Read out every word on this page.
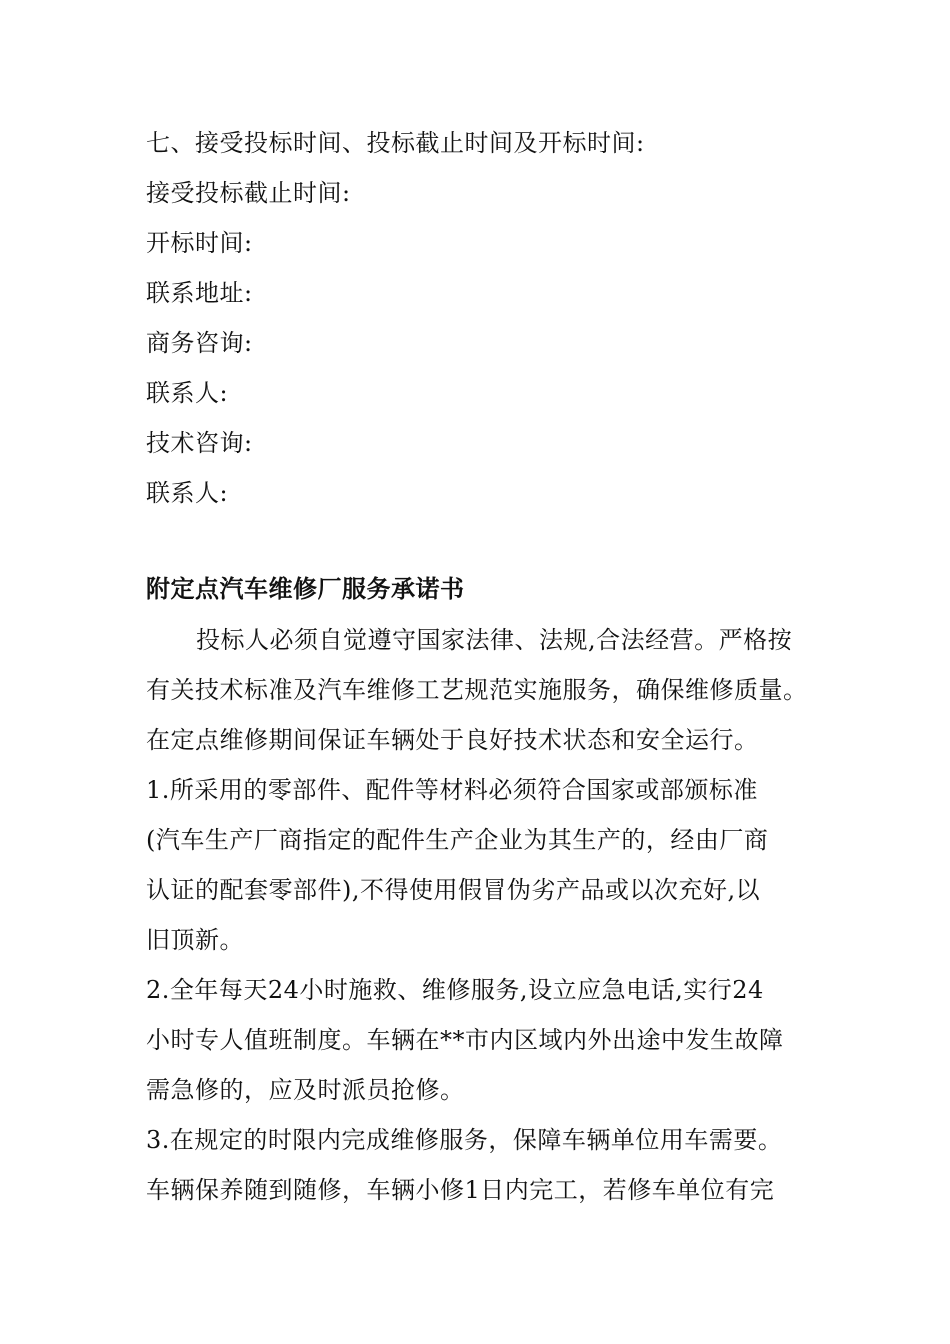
七、接受投标时间、投标截止时间及开标时间:
接受投标截止时间:
开标时间:
联系地址:
商务咨询:
联系人:
技术咨询:
联系人:
附定点汽车维修厂服务承诺书
投标人必须自觉遵守国家法律、法规,合法经营。严格按
有关技术标准及汽车维修工艺规范实施服务，确保维修质量。
在定点维修期间保证车辆处于良好技术状态和安全运行。
1.所采用的零部件、配件等材料必须符合国家或部颁标准
(汽车生产厂商指定的配件生产企业为其生产的，经由厂商
认证的配套零部件),不得使用假冒伪劣产品或以次充好,以
旧顶新。
2.全年每天24小时施救、维修服务,设立应急电话,实行24
小时专人值班制度。车辆在**市内区域内外出途中发生故障
需急修的，应及时派员抢修。
3.在规定的时限内完成维修服务，保障车辆单位用车需要。
车辆保养随到随修，车辆小修1日内完工，若修车单位有完
